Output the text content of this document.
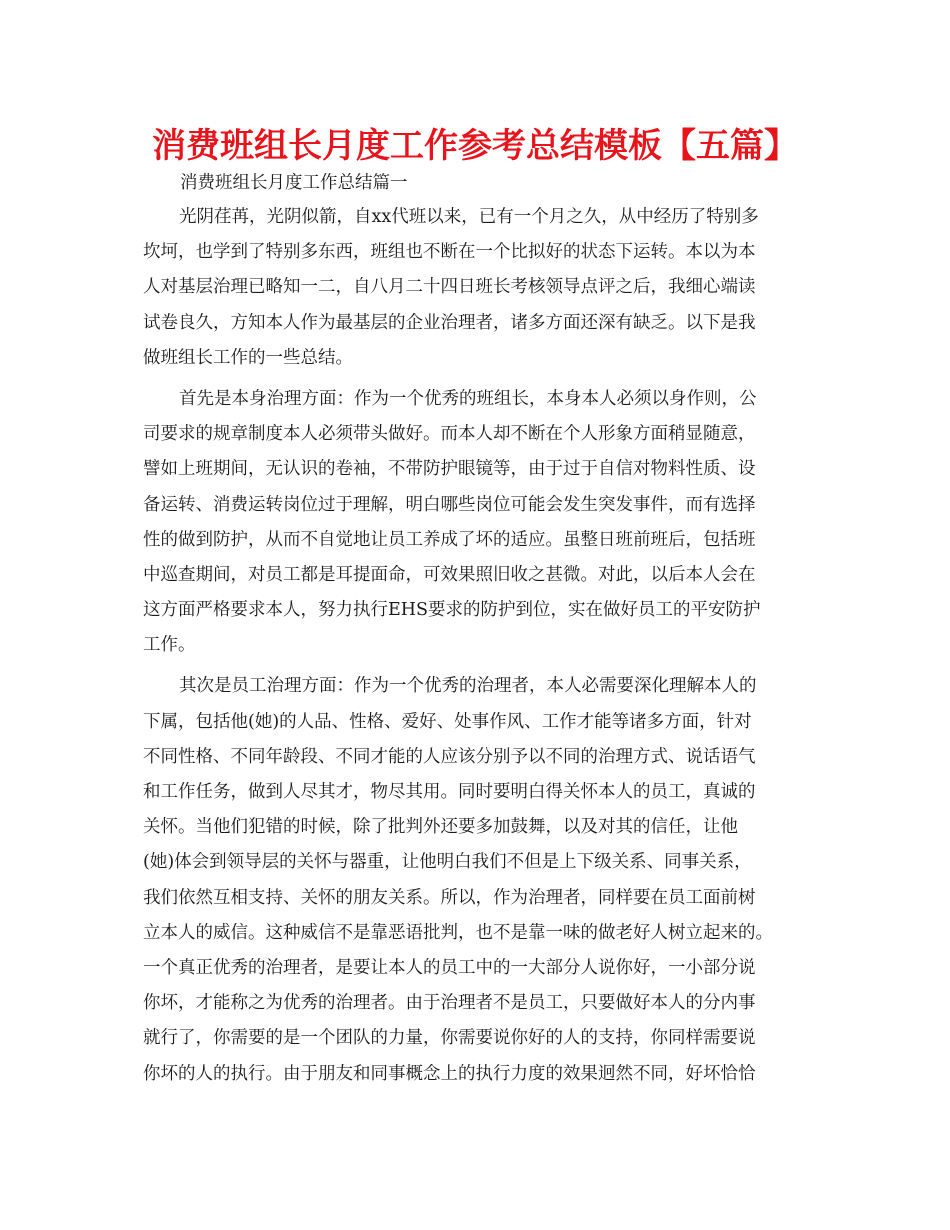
消费班组长月度工作参考总结模板【五篇】
消费班组长月度工作总结篇一
光阴荏苒，光阴似箭，自xx代班以来，已有一个月之久，从中经历了特别多
坎坷，也学到了特别多东西，班组也不断在一个比拟好的状态下运转。本以为本
人对基层治理已略知一二，自八月二十四日班长考核领导点评之后，我细心端读
试卷良久，方知本人作为最基层的企业治理者，诸多方面还深有缺乏。以下是我
做班组长工作的一些总结。
首先是本身治理方面：作为一个优秀的班组长，本身本人必须以身作则，公
司要求的规章制度本人必须带头做好。而本人却不断在个人形象方面稍显随意，
譬如上班期间，无认识的卷袖，不带防护眼镜等，由于过于自信对物料性质、设
备运转、消费运转岗位过于理解，明白哪些岗位可能会发生突发事件，而有选择
性的做到防护，从而不自觉地让员工养成了坏的适应。虽整日班前班后，包括班
中巡查期间，对员工都是耳提面命，可效果照旧收之甚微。对此，以后本人会在
这方面严格要求本人，努力执行EHS要求的防护到位，实在做好员工的平安防护
工作。
其次是员工治理方面：作为一个优秀的治理者，本人必需要深化理解本人的
下属，包括他(她)的人品、性格、爱好、处事作风、工作才能等诸多方面，针对
不同性格、不同年龄段、不同才能的人应该分别予以不同的治理方式、说话语气
和工作任务，做到人尽其才，物尽其用。同时要明白得关怀本人的员工，真诚的
关怀。当他们犯错的时候，除了批判外还要多加鼓舞，以及对其的信任，让他
(她)体会到领导层的关怀与器重，让他明白我们不但是上下级关系、同事关系，
我们依然互相支持、关怀的朋友关系。所以，作为治理者，同样要在员工面前树
立本人的威信。这种威信不是靠恶语批判，也不是靠一味的做老好人树立起来的。
一个真正优秀的治理者，是要让本人的员工中的一大部分人说你好，一小部分说
你坏，才能称之为优秀的治理者。由于治理者不是员工，只要做好本人的分内事
就行了，你需要的是一个团队的力量，你需要说你好的人的支持，你同样需要说
你坏的人的执行。由于朋友和同事概念上的执行力度的效果迥然不同，好坏恰恰
